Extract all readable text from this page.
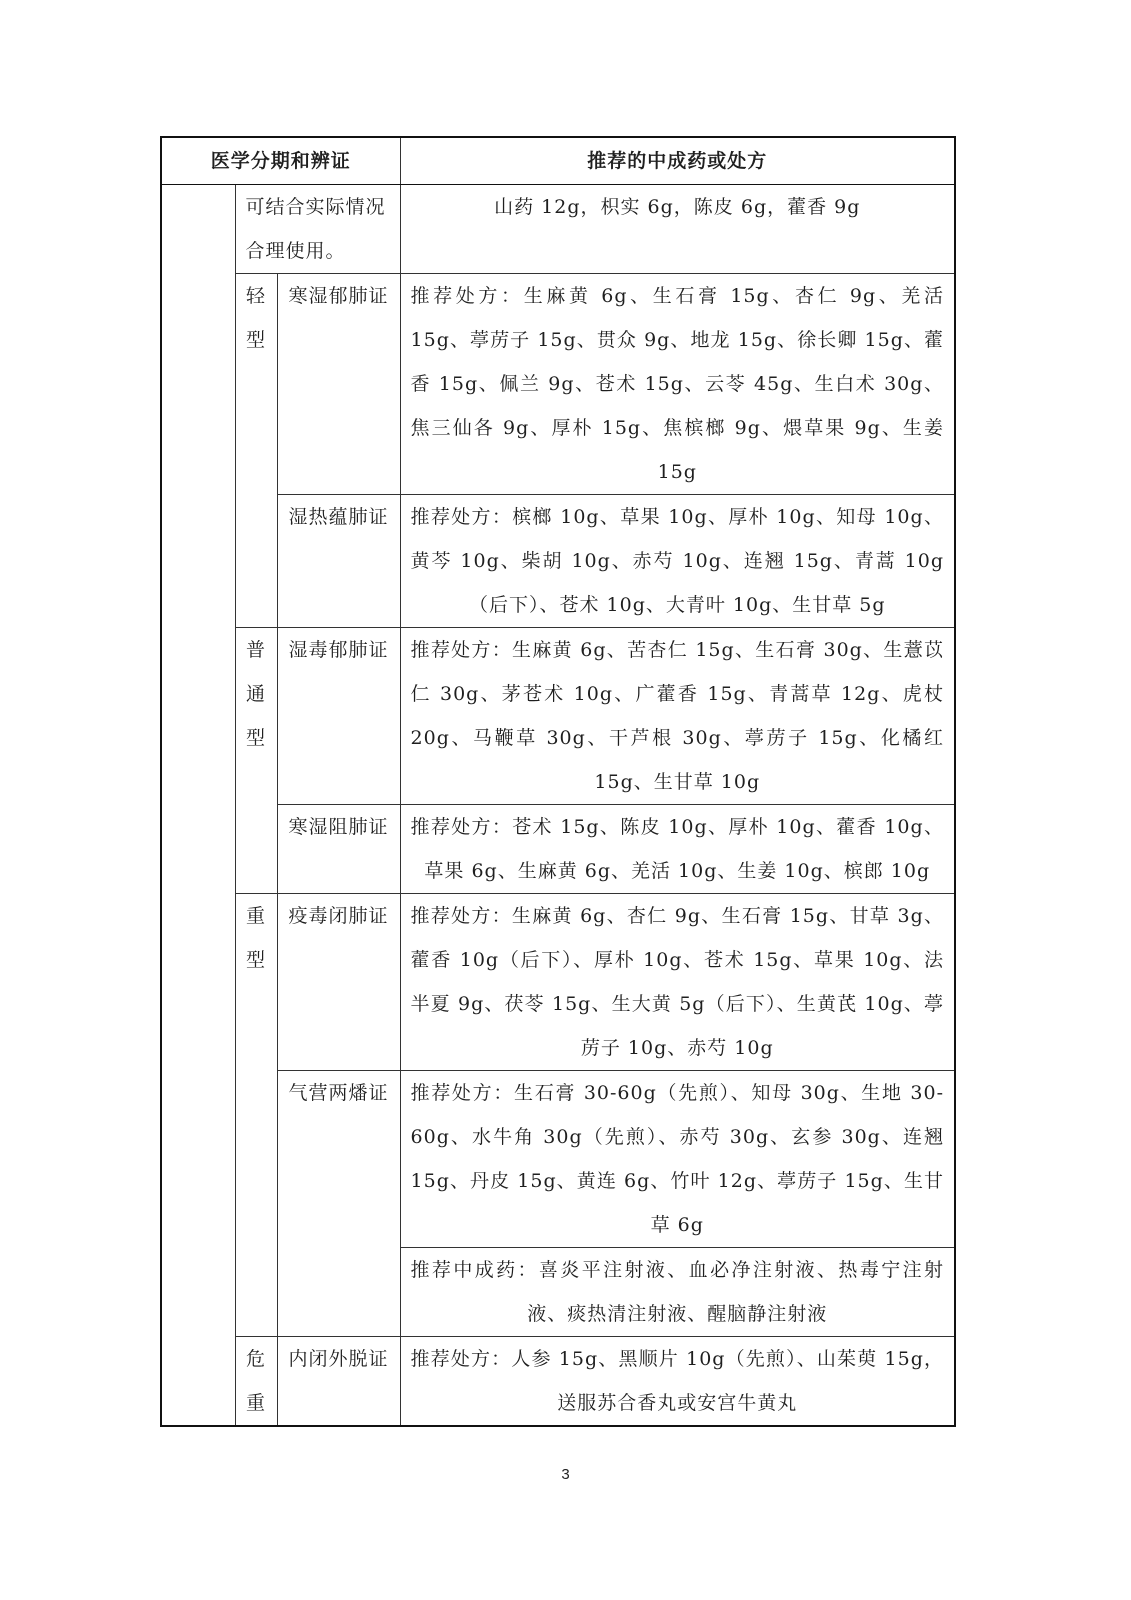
医学分期和辨证			推荐的中成药或处方
	可结合实际情况合理使用。		山药 12g，枳实 6g，陈皮 6g，藿香 9g

	轻
型	寒湿郁肺证	推荐处方：生麻黄 6g、生石膏 15g、杏仁 9g、羌活 15g、葶苈子 15g、贯众 9g、地龙 15g、徐长卿 15g、藿香 15g、佩兰 9g、苍术 15g、云苓 45g、生白术 30g、焦三仙各 9g、厚朴 15g、焦槟榔 9g、煨草果 9g、生姜 15g
		湿热蕴肺证	推荐处方：槟榔 10g、草果 10g、厚朴 10g、知母 10g、黄芩 10g、柴胡 10g、赤芍 10g、连翘 15g、青蒿 10g（后下）、苍术 10g、大青叶 10g、生甘草 5g

	普
通
型	湿毒郁肺证	推荐处方：生麻黄 6g、苦杏仁 15g、生石膏 30g、生薏苡仁 30g、茅苍术 10g、广藿香 15g、青蒿草 12g、虎杖 20g、马鞭草 30g、干芦根 30g、葶苈子 15g、化橘红 15g、生甘草 10g
		寒湿阻肺证	推荐处方：苍术 15g、陈皮 10g、厚朴 10g、藿香 10g、草果 6g、生麻黄 6g、羌活 10g、生姜 10g、槟郎 10g

	重
型	疫毒闭肺证	推荐处方：生麻黄 6g、杏仁 9g、生石膏 15g、甘草 3g、藿香 10g（后下）、厚朴 10g、苍术 15g、草果 10g、法半夏 9g、茯苓 15g、生大黄 5g（后下）、生黄芪 10g、葶苈子 10g、赤芍 10g
		气营两燔证	推荐处方：生石膏 30-60g（先煎）、知母 30g、生地 30-60g、水牛角 30g（先煎）、赤芍 30g、玄参 30g、连翘 15g、丹皮 15g、黄连 6g、竹叶 12g、葶苈子 15g、生甘草 6g
			推荐中成药：喜炎平注射液、血必净注射液、热毒宁注射液、痰热清注射液、醒脑静注射液

	危
重	内闭外脱证	推荐处方：人参 15g、黑顺片 10g（先煎）、山茱萸 15g，送服苏合香丸或安宫牛黄丸
3
